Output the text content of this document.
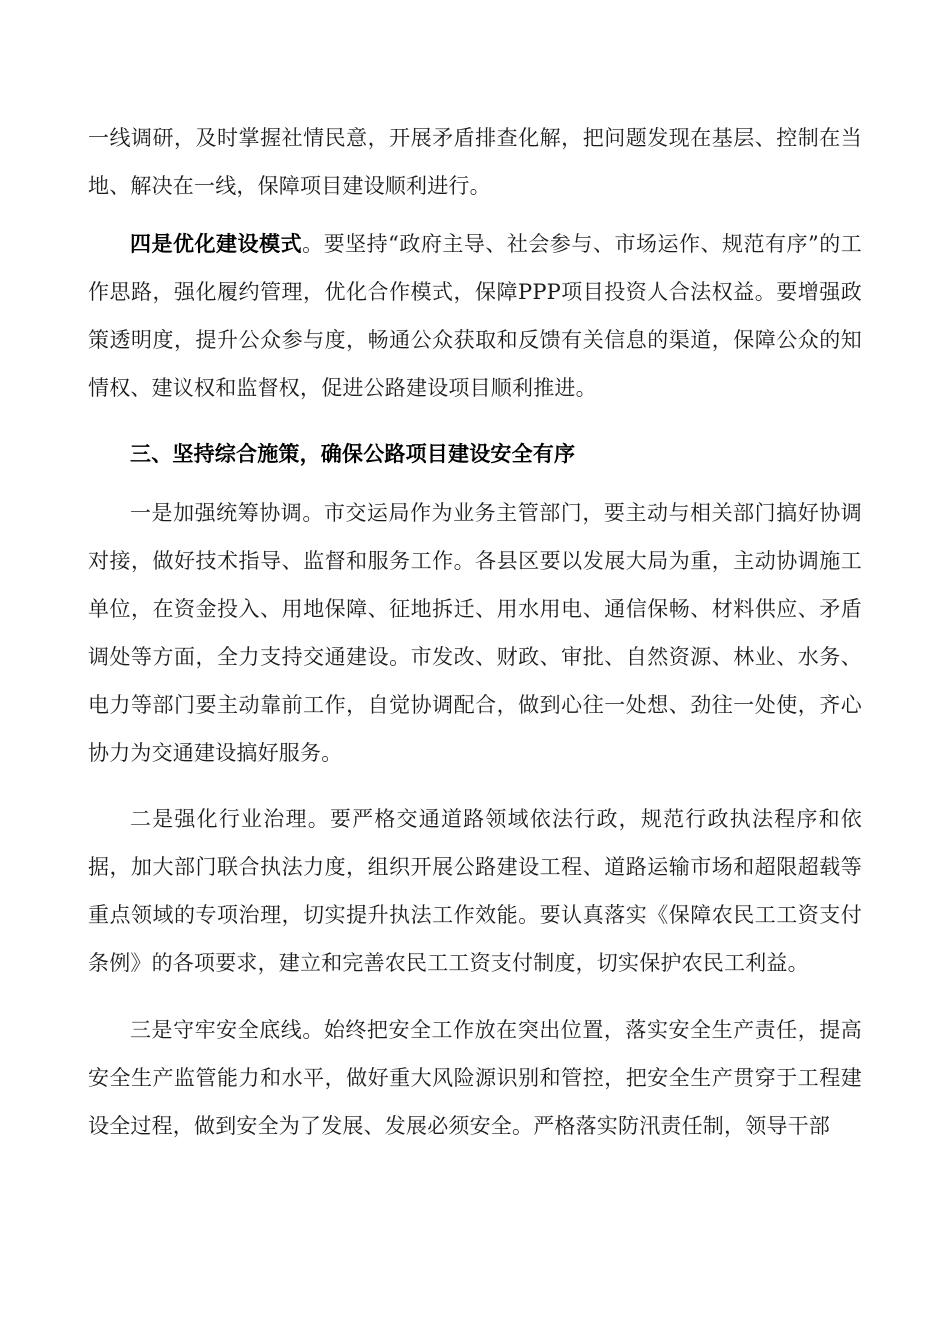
一线调研，及时掌握社情民意，开展矛盾排查化解，把问题发现在基层、控制在当地、解决在一线，保障项目建设顺利进行。

四是优化建设模式。要坚持“政府主导、社会参与、市场运作、规范有序”的工作思路，强化履约管理，优化合作模式，保障PPP项目投资人合法权益。要增强政策透明度，提升公众参与度，畅通公众获取和反馈有关信息的渠道，保障公众的知情权、建议权和监督权，促进公路建设项目顺利推进。

三、坚持综合施策，确保公路项目建设安全有序

一是加强统筹协调。市交运局作为业务主管部门，要主动与相关部门搞好协调对接，做好技术指导、监督和服务工作。各县区要以发展大局为重，主动协调施工单位，在资金投入、用地保障、征地拆迁、用水用电、通信保畅、材料供应、矛盾调处等方面，全力支持交通建设。市发改、财政、审批、自然资源、林业、水务、电力等部门要主动靠前工作，自觉协调配合，做到心往一处想、劲往一处使，齐心协力为交通建设搞好服务。

二是强化行业治理。要严格交通道路领域依法行政，规范行政执法程序和依据，加大部门联合执法力度，组织开展公路建设工程、道路运输市场和超限超载等重点领域的专项治理，切实提升执法工作效能。要认真落实《保障农民工工资支付条例》的各项要求，建立和完善农民工工资支付制度，切实保护农民工利益。

三是守牢安全底线。始终把安全工作放在突出位置，落实安全生产责任，提高安全生产监管能力和水平，做好重大风险源识别和管控，把安全生产贯穿于工程建设全过程，做到安全为了发展、发展必须安全。严格落实防汛责任制，领导干部
